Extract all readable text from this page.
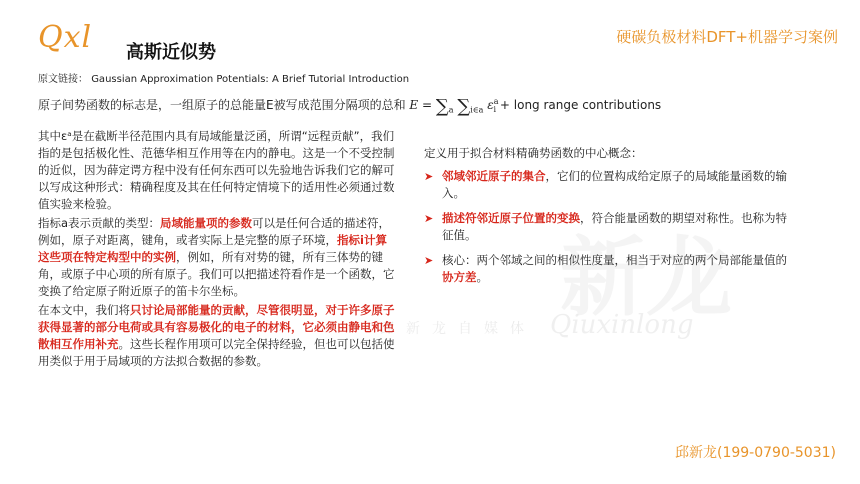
Qxl 高斯近似势
硬碳负极材料DFT+机器学习案例
原文链接： Gaussian Approximation Potentials: A Brief Tutorial Introduction
原子间势函数的标志是，一组原子的总能量E被写成范围分隔项的总和 $E = \sum_a$ $\sum_{i\in a}$ $\varepsilon^a_i$ + long range contributions

其中εᵃ是在截断半径范围内具有局域能量泛函，所谓“远程贡献”，我们指的是包括极化性、范德华相互作用等在内的静电。这是一个不受控制的近似，因为薛定谔方程中没有任何东西可以先验地告诉我们它的解可以写成这种形式：精确程度及其在任何特定情境下的适用性必须通过数值实验来检验。

指标a表示贡献的类型：局域能量项的参数可以是任何合适的描述符，例如，原子对距离，键角，或者实际上是完整的原子环境，指标i计算这些项在特定构型中的实例，例如，所有对势的键，所有三体势的键角，或原子中心项的所有原子。我们可以把描述符看作是一个函数，它变换了给定原子附近原子的笛卡尔坐标。

在本文中，我们将只讨论局部能量的贡献，尽管很明显，对于许多原子获得显著的部分电荷或具有容易极化的电子的材料，它必须由静电和色散相互作用补充。这些长程作用项可以完全保持经验，但也可以包括使用类似于用于局域项的方法拟合数据的参数。

邱新龙自媒体 Qiuxinlong

定义用于拟合材料精确势函数的中心概念：

➤ 邻域邻近原子的集合，它们的位置构成给定原子的局域能量函数的输入。
➤ 描述符邻近原子位置的变换，符合能量函数的期望对称性。也称为特征值。
➤ 核心：两个邻域之间的相似性度量，相当于对应的两个局部能量值的协方差。
邱新龙(199-0790-5031)
